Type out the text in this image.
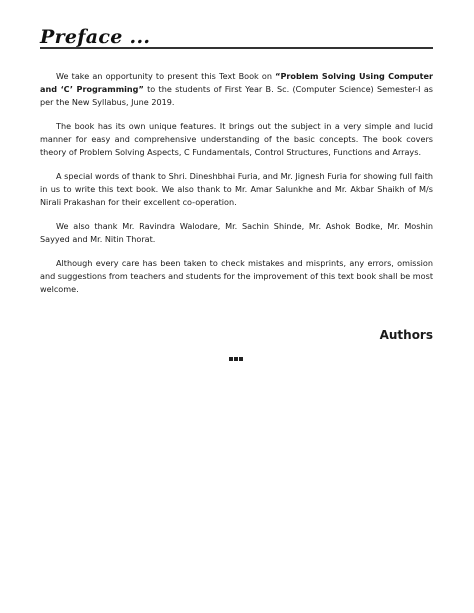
Preface ...

We take an opportunity to present this Text Book on “Problem Solving Using Computer and ‘C’ Programming” to the students of First Year B. Sc. (Computer Science) Semester-I as per the New Syllabus, June 2019.

The book has its own unique features. It brings out the subject in a very simple and lucid manner for easy and comprehensive understanding of the basic concepts. The book covers theory of Problem Solving Aspects, C Fundamentals, Control Structures, Functions and Arrays.

A special words of thank to Shri. Dineshbhai Furia, and Mr. Jignesh Furia for showing full faith in us to write this text book. We also thank to Mr. Amar Salunkhe and Mr. Akbar Shaikh of M/s Nirali Prakashan for their excellent co-operation.

We also thank Mr. Ravindra Walodare, Mr. Sachin Shinde, Mr. Ashok Bodke, Mr. Moshin Sayyed and Mr. Nitin Thorat.

Although every care has been taken to check mistakes and misprints, any errors, omission and suggestions from teachers and students for the improvement of this text book shall be most welcome.

Authors
